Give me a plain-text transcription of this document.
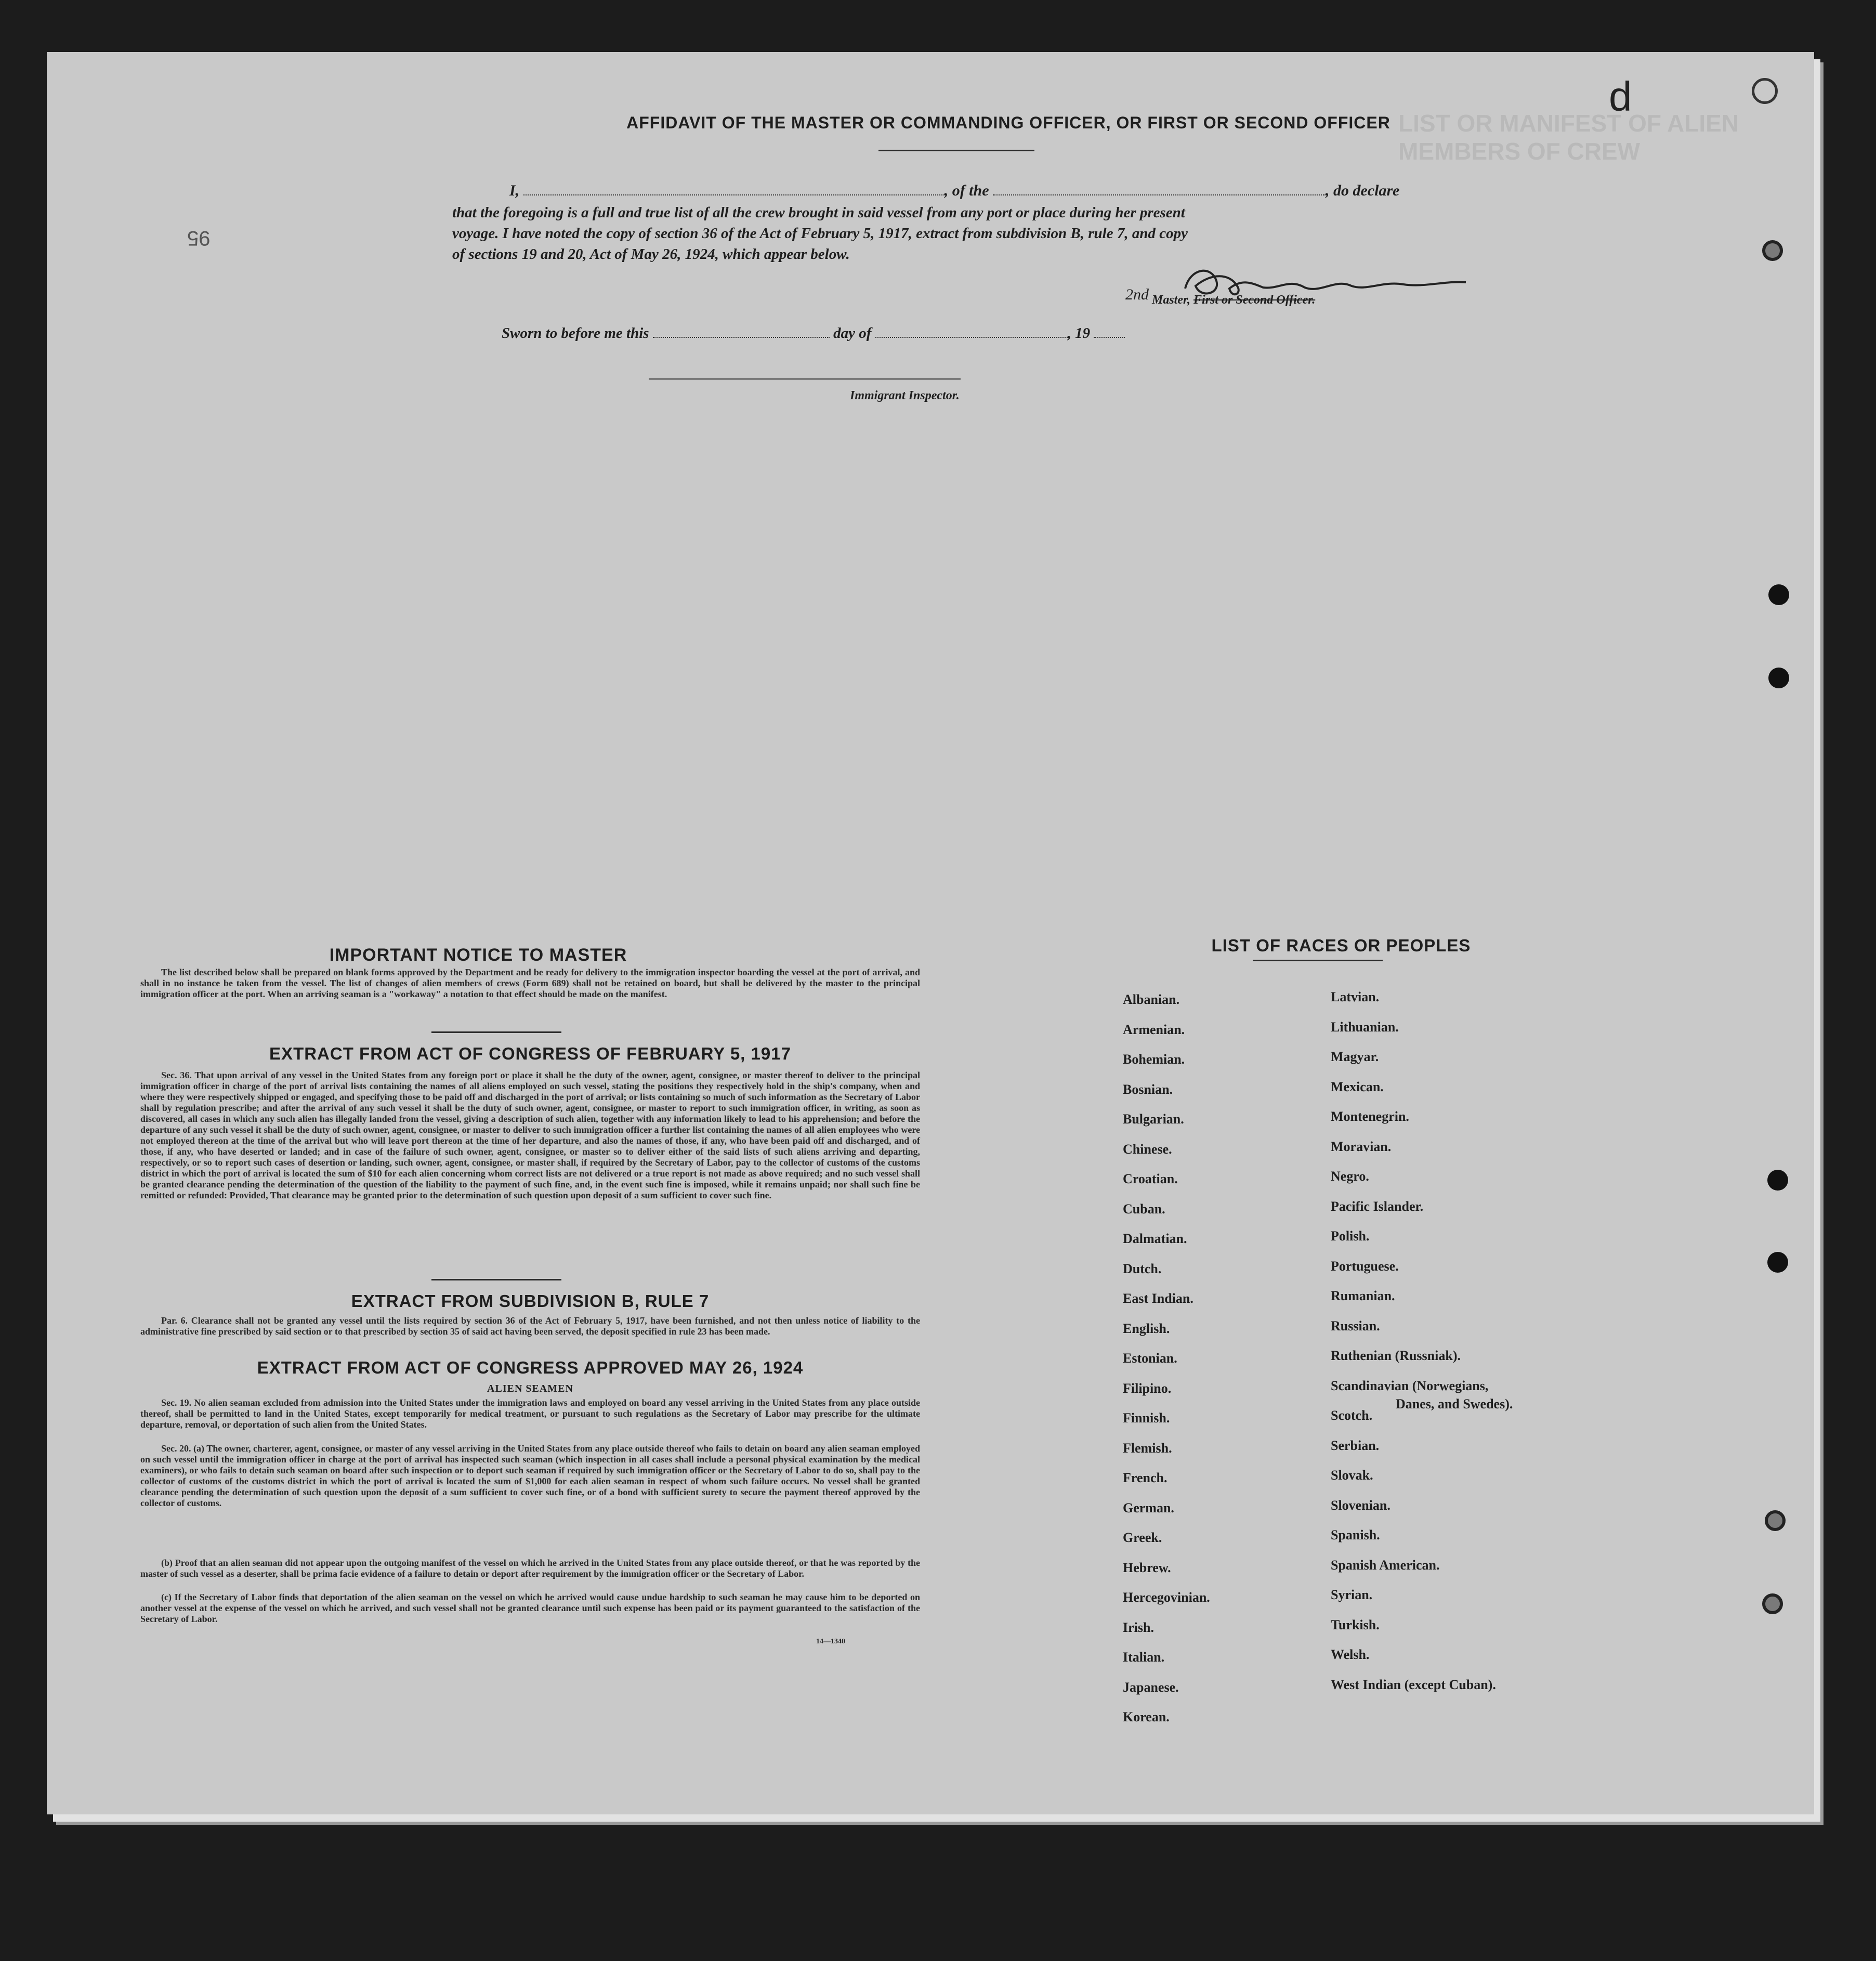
LIST OR MANIFEST OF ALIEN MEMBERS OF CREW
d
95
AFFIDAVIT OF THE MASTER OR COMMANDING OFFICER, OR FIRST OR SECOND OFFICER
I,	, of the	, do declare
that the foregoing is a full and true list of all the crew brought in said vessel from any port or place during her present
voyage. I have noted the copy of section 36 of the Act of February 5, 1917, extract from subdivision B, rule 7, and copy
of sections 19 and 20, Act of May 26, 1924, which appear below.
2nd Master, First or Second Officer.
Sworn to before me this	day of	, 19
Immigrant Inspector.
IMPORTANT NOTICE TO MASTER
The list described below shall be prepared on blank forms approved by the Department and be ready for delivery to the immigration inspector boarding the vessel at the port of arrival, and shall in no instance be taken from the vessel. The list of changes of alien members of crews (Form 689) shall not be retained on board, but shall be delivered by the master to the principal immigration officer at the port. When an arriving seaman is a "workaway" a notation to that effect should be made on the manifest.
EXTRACT FROM ACT OF CONGRESS OF FEBRUARY 5, 1917
Sec. 36. That upon arrival of any vessel in the United States from any foreign port or place it shall be the duty of the owner, agent, consignee, or master thereof to deliver to the principal immigration officer in charge of the port of arrival lists containing the names of all aliens employed on such vessel, stating the positions they respectively hold in the ship's company, when and where they were respectively shipped or engaged, and specifying those to be paid off and discharged in the port of arrival; or lists containing so much of such information as the Secretary of Labor shall by regulation prescribe; and after the arrival of any such vessel it shall be the duty of such owner, agent, consignee, or master to report to such immigration officer, in writing, as soon as discovered, all cases in which any such alien has illegally landed from the vessel, giving a description of such alien, together with any information likely to lead to his apprehension; and before the departure of any such vessel it shall be the duty of such owner, agent, consignee, or master to deliver to such immigration officer a further list containing the names of all alien employees who were not employed thereon at the time of the arrival but who will leave port thereon at the time of her departure, and also the names of those, if any, who have been paid off and discharged, and of those, if any, who have deserted or landed; and in case of the failure of such owner, agent, consignee, or master so to deliver either of the said lists of such aliens arriving and departing, respectively, or so to report such cases of desertion or landing, such owner, agent, consignee, or master shall, if required by the Secretary of Labor, pay to the collector of customs of the customs district in which the port of arrival is located the sum of $10 for each alien concerning whom correct lists are not delivered or a true report is not made as above required; and no such vessel shall be granted clearance pending the determination of the question of the liability to the payment of such fine, and, in the event such fine is imposed, while it remains unpaid; nor shall such fine be remitted or refunded: Provided, That clearance may be granted prior to the determination of such question upon deposit of a sum sufficient to cover such fine.
EXTRACT FROM SUBDIVISION B, RULE 7
Par. 6. Clearance shall not be granted any vessel until the lists required by section 36 of the Act of February 5, 1917, have been furnished, and not then unless notice of liability to the administrative fine prescribed by said section or to that prescribed by section 35 of said act having been served, the deposit specified in rule 23 has been made.
EXTRACT FROM ACT OF CONGRESS APPROVED MAY 26, 1924
ALIEN SEAMEN
Sec. 19. No alien seaman excluded from admission into the United States under the immigration laws and employed on board any vessel arriving in the United States from any place outside thereof, shall be permitted to land in the United States, except temporarily for medical treatment, or pursuant to such regulations as the Secretary of Labor may prescribe for the ultimate departure, removal, or deportation of such alien from the United States.
Sec. 20. (a) The owner, charterer, agent, consignee, or master of any vessel arriving in the United States from any place outside thereof who fails to detain on board any alien seaman employed on such vessel until the immigration officer in charge at the port of arrival has inspected such seaman (which inspection in all cases shall include a personal physical examination by the medical examiners), or who fails to detain such seaman on board after such inspection or to deport such seaman if required by such immigration officer or the Secretary of Labor to do so, shall pay to the collector of customs of the customs district in which the port of arrival is located the sum of $1,000 for each alien seaman in respect of whom such failure occurs. No vessel shall be granted clearance pending the determination of such question upon the deposit of a sum sufficient to cover such fine, or of a bond with sufficient surety to secure the payment thereof approved by the collector of customs.
(b) Proof that an alien seaman did not appear upon the outgoing manifest of the vessel on which he arrived in the United States from any place outside thereof, or that he was reported by the master of such vessel as a deserter, shall be prima facie evidence of a failure to detain or deport after requirement by the immigration officer or the Secretary of Labor.
(c) If the Secretary of Labor finds that deportation of the alien seaman on the vessel on which he arrived would cause undue hardship to such seaman he may cause him to be deported on another vessel at the expense of the vessel on which he arrived, and such vessel shall not be granted clearance until such expense has been paid or its payment guaranteed to the satisfaction of the Secretary of Labor.
14—1340
LIST OF RACES OR PEOPLES
Albanian.
Armenian.
Bohemian.
Bosnian.
Bulgarian.
Chinese.
Croatian.
Cuban.
Dalmatian.
Dutch.
East Indian.
English.
Estonian.
Filipino.
Finnish.
Flemish.
French.
German.
Greek.
Hebrew.
Hercegovinian.
Irish.
Italian.
Japanese.
Korean.
Latvian.
Lithuanian.
Magyar.
Mexican.
Montenegrin.
Moravian.
Negro.
Pacific Islander.
Polish.
Portuguese.
Rumanian.
Russian.
Ruthenian (Russniak).
Scandinavian (Norwegians,
Danes, and Swedes).
Scotch.
Serbian.
Slovak.
Slovenian.
Spanish.
Spanish American.
Syrian.
Turkish.
Welsh.
West Indian (except Cuban).
